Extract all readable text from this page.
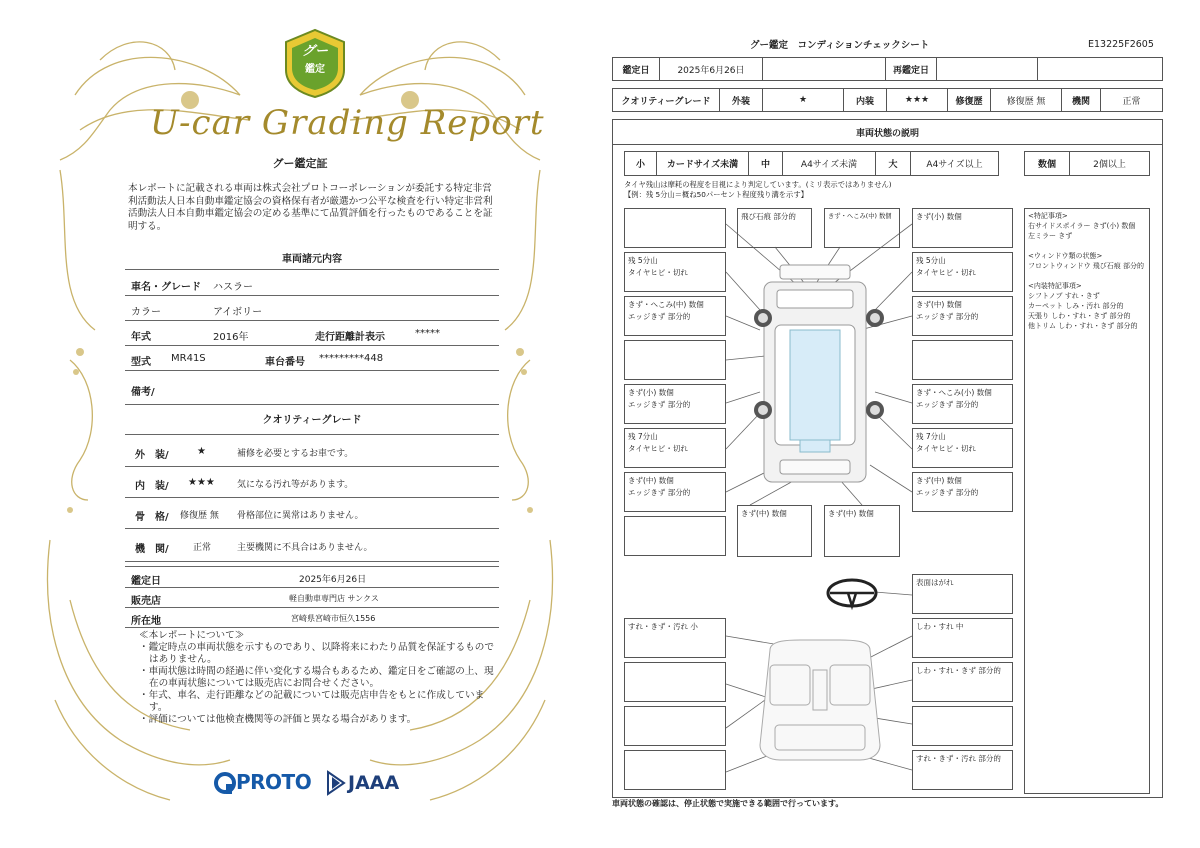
グー
鑑定
U-car Grading Report
グー鑑定証
本レポートに記載される車両は株式会社プロトコーポレーションが委託する特定非営利活動法人日本自動車鑑定協会の資格保有者が厳選かつ公平な検査を行い特定非営利活動法人日本自動車鑑定協会の定める基準にて品質評価を行ったものであることを証明する。
車両諸元内容
車名・グレード ハスラー
カラー	アイボリー
年式	2016年	走行距離計表示	*****
型式 MR41S	車台番号 *********448
備考/
クオリティーグレード
外　装/	★	補修を必要とするお車です。
内　装/ ★★★ 気になる汚れ等があります。
骨　格/ 修復歴 無 骨格部位に異常はありません。
機　関/	正常	主要機関に不具合はありません。
鑑定日	2025年6月26日
販売店	軽自動車専門店 サンクス
所在地	宮崎県宮崎市恒久1556
≪本レポートについて≫
・鑑定時点の車両状態を示すものであり、以降将来にわたり品質を保証するものではありません。
・車両状態は時間の経過に伴い変化する場合もあるため、鑑定日をご確認の上、現在の車両状態については販売店にお問合せください。
・年式、車名、走行距離などの記載については販売店申告をもとに作成しています。
・評価については他検査機関等の評価と異なる場合があります。
PROTO JAAA
グー鑑定　コンディションチェックシート	E13225F2605
鑑定日	2025年6月26日	再鑑定日
クオリティーグレード	外装	★	内装	★★★	修復歴	修復歴 無	機関	正常
車両状態の説明
小	カードサイズ未満	中	A4サイズ未満	大	A4サイズ以上	数個	2個以上
タイヤ残山は摩耗の程度を目視により判定しています。(ミリ表示ではありません)
【例：残 5分山＝概ね50パーセント程度残り溝を示す】
残 5分山
タイヤヒビ・切れ
きず・へこみ(中) 数個
エッジきず 部分的
きず(小) 数個
エッジきず 部分的
残 7分山
タイヤヒビ・切れ
きず(中) 数個
エッジきず 部分的
飛び石痕 部分的	きず・へこみ(中) 数個	きず(小) 数個
残 5分山
タイヤヒビ・切れ
きず(中) 数個
エッジきず 部分的
きず・へこみ(小) 数個
エッジきず 部分的
残 7分山
タイヤヒビ・切れ
きず(中) 数個
エッジきず 部分的
きず(中) 数個	きず(中) 数個
<特記事項>
右サイドスポイラー きず(小) 数個
左ミラー きず
<ウィンドウ類の状態>
フロントウィンドウ 飛び石痕 部分的
<内装特記事項>
シフトノブ すれ・きず
カーペット しみ・汚れ 部分的
天張り しわ・すれ・きず 部分的
他トリム しわ・すれ・きず 部分的
表面はがれ
すれ・きず・汚れ 小	しわ・すれ 中
しわ・すれ・きず 部分的
すれ・きず・汚れ 部分的
車両状態の確認は、停止状態で実施できる範囲で行っています。
